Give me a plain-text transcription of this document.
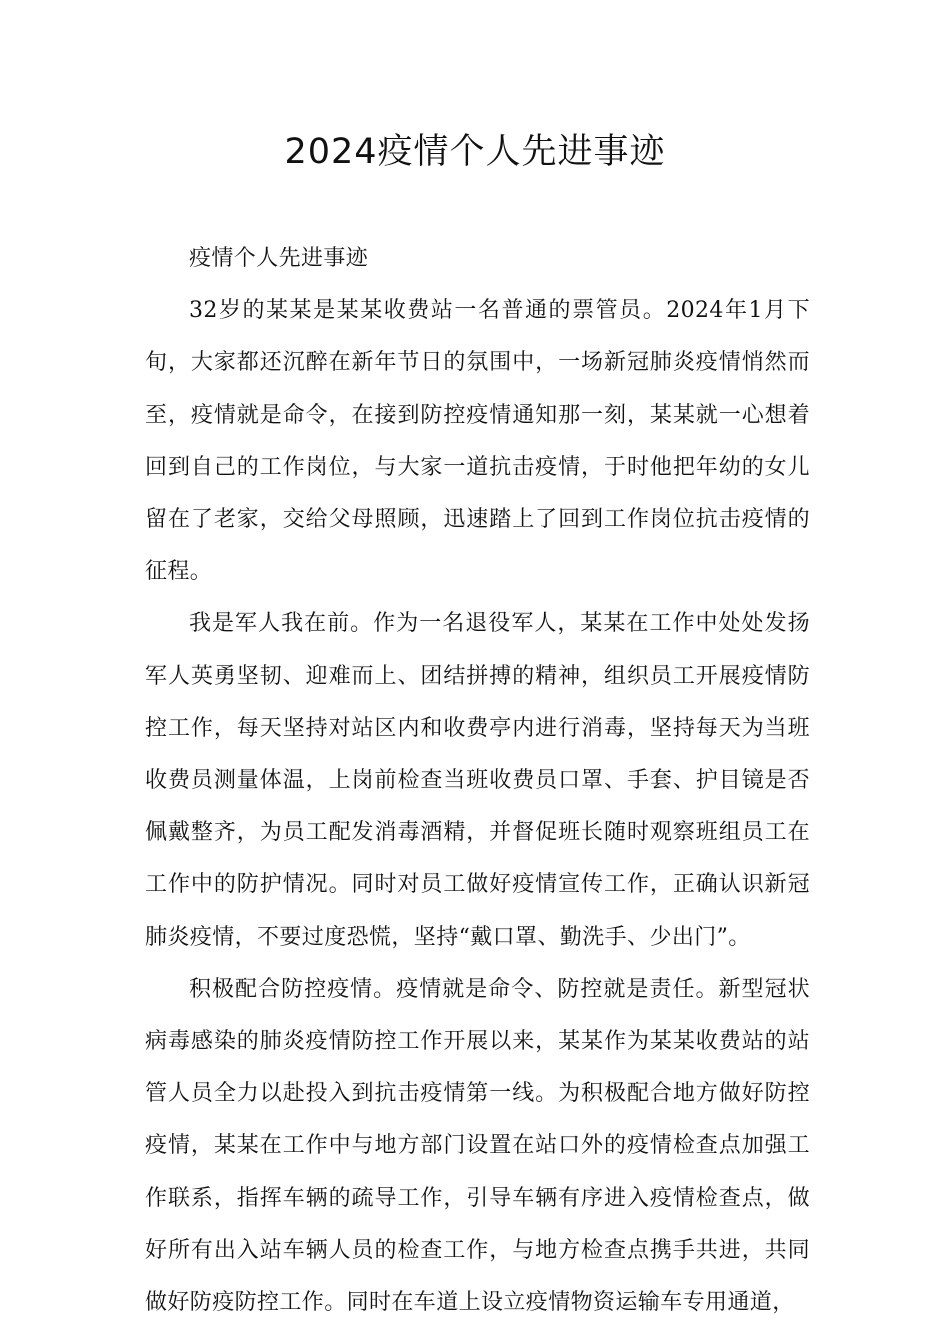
2024疫情个人先进事迹

疫情个人先进事迹

32岁的某某是某某收费站一名普通的票管员。2024年1月下旬，大家都还沉醉在新年节日的氛围中，一场新冠肺炎疫情悄然而至，疫情就是命令，在接到防控疫情通知那一刻，某某就一心想着回到自己的工作岗位，与大家一道抗击疫情，于时他把年幼的女儿留在了老家，交给父母照顾，迅速踏上了回到工作岗位抗击疫情的征程。

我是军人我在前。作为一名退役军人，某某在工作中处处发扬军人英勇坚韧、迎难而上、团结拼搏的精神，组织员工开展疫情防控工作，每天坚持对站区内和收费亭内进行消毒，坚持每天为当班收费员测量体温，上岗前检查当班收费员口罩、手套、护目镜是否佩戴整齐，为员工配发消毒酒精，并督促班长随时观察班组员工在工作中的防护情况。同时对员工做好疫情宣传工作，正确认识新冠肺炎疫情，不要过度恐慌，坚持“戴口罩、勤洗手、少出门”。

积极配合防控疫情。疫情就是命令、防控就是责任。新型冠状病毒感染的肺炎疫情防控工作开展以来，某某作为某某收费站的站管人员全力以赴投入到抗击疫情第一线。为积极配合地方做好防控疫情，某某在工作中与地方部门设置在站口外的疫情检查点加强工作联系，指挥车辆的疏导工作，引导车辆有序进入疫情检查点，做好所有出入站车辆人员的检查工作，与地方检查点携手共进，共同做好防疫防控工作。同时在车道上设立疫情物资运输车专用通道，
